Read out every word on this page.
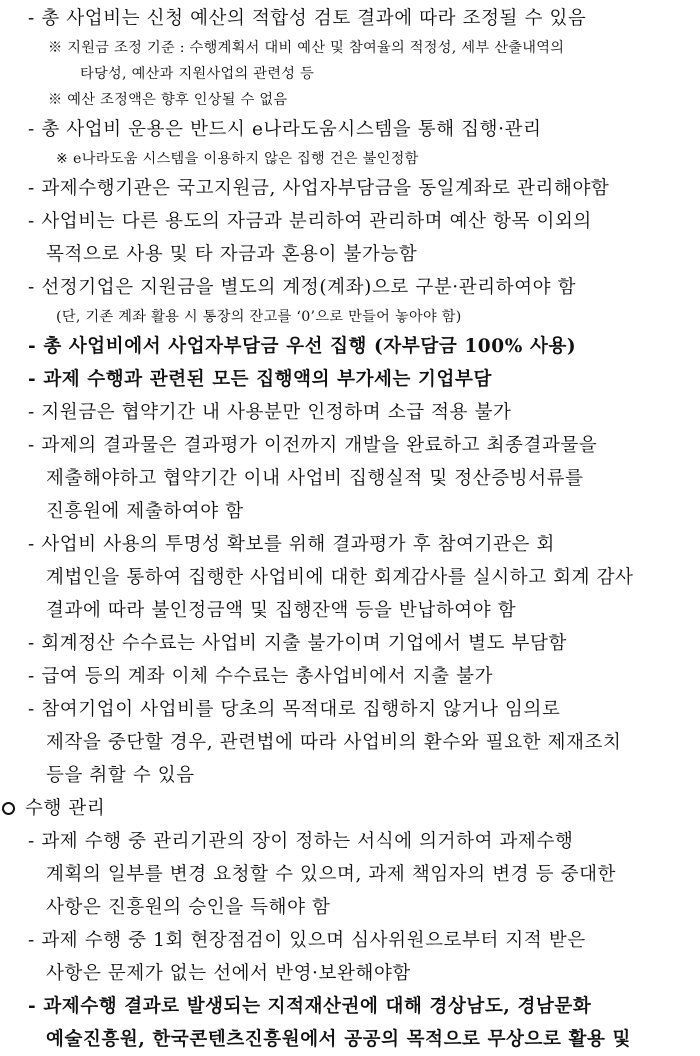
- 총 사업비는 신청 예산의 적합성 검토 결과에 따라 조정될 수 있음
※ 지원금 조정 기준 : 수행계획서 대비 예산 및 참여율의 적정성, 세부 산출내역의
타당성, 예산과 지원사업의 관련성 등
※ 예산 조정액은 향후 인상될 수 없음
- 총 사업비 운용은 반드시 e나라도움시스템을 통해 집행·관리
※ e나라도움 시스템을 이용하지 않은 집행 건은 불인정함
- 과제수행기관은 국고지원금, 사업자부담금을 동일계좌로 관리해야함
- 사업비는 다른 용도의 자금과 분리하여 관리하며 예산 항목 이외의
목적으로 사용 및 타 자금과 혼용이 불가능함
- 선정기업은 지원금을 별도의 계정(계좌)으로 구분·관리하여야 함
(단, 기존 계좌 활용 시 통장의 잔고를 ‘0’으로 만들어 놓아야 함)
- 총 사업비에서 사업자부담금 우선 집행 (자부담금 100% 사용)
- 과제 수행과 관련된 모든 집행액의 부가세는 기업부담
- 지원금은 협약기간 내 사용분만 인정하며 소급 적용 불가
- 과제의 결과물은 결과평가 이전까지 개발을 완료하고 최종결과물을
제출해야하고 협약기간 이내 사업비 집행실적 및 정산증빙서류를
진흥원에 제출하여야 함
- 사업비 사용의 투명성 확보를 위해 결과평가 후 참여기관은 회
계법인을 통하여 집행한 사업비에 대한 회계감사를 실시하고 회계 감사
결과에 따라 불인정금액 및 집행잔액 등을 반납하여야 함
- 회계정산 수수료는 사업비 지출 불가이며 기업에서 별도 부담함
- 급여 등의 계좌 이체 수수료는 총사업비에서 지출 불가
- 참여기업이 사업비를 당초의 목적대로 집행하지 않거나 임의로
제작을 중단할 경우, 관련법에 따라 사업비의 환수와 필요한 제재조치
등을 취할 수 있음
수행 관리
- 과제 수행 중 관리기관의 장이 정하는 서식에 의거하여 과제수행
계획의 일부를 변경 요청할 수 있으며, 과제 책임자의 변경 등 중대한
사항은 진흥원의 승인을 득해야 함
- 과제 수행 중 1회 현장점검이 있으며 심사위원으로부터 지적 받은
사항은 문제가 없는 선에서 반영·보완해야함
- 과제수행 결과로 발생되는 지적재산권에 대해 경상남도, 경남문화
예술진흥원, 한국콘텐츠진흥원에서 공공의 목적으로 무상으로 활용 및
